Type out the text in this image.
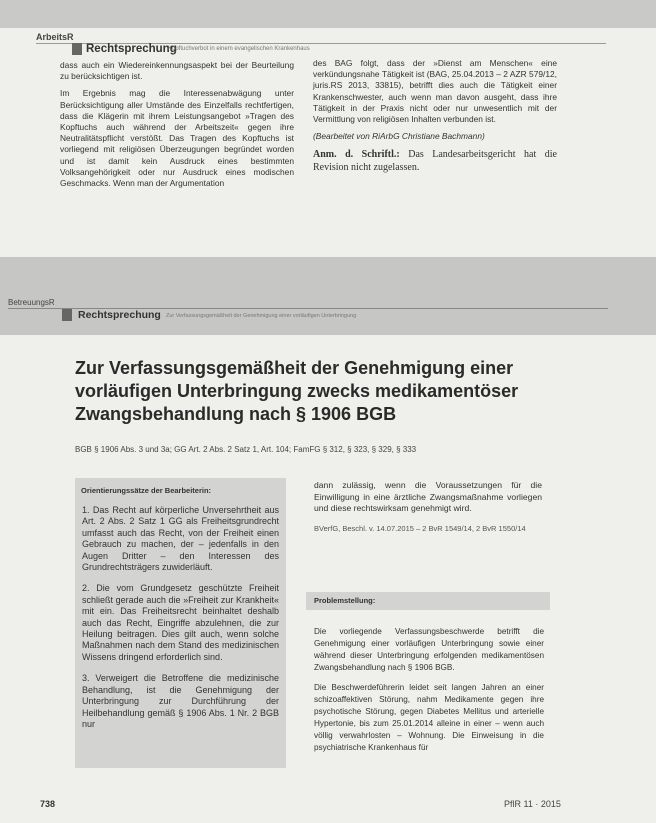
ArbeitsR
Rechtsprechung
Kopftuchverbot in einem evangelischen Krankenhaus

dass auch ein Wiedereinkennungsaspekt bei der Beurteilung zu berücksichtigen ist.

Im Ergebnis mag die Interessenabwägung unter Berücksichtigung aller Umstände des Einzelfalls rechtfertigen, dass die Klägerin mit ihrem Leistungsangebot »Tragen des Kopftuchs auch während der Arbeitszeit« gegen ihre Neutralitätspflicht verstößt. Das Tragen des Kopftuchs ist vorliegend mit religiösen Überzeugungen begründet worden und ist damit kein Ausdruck eines bestimmten Volksangehörigkeit oder nur Ausdruck eines modischen Geschmacks. Wenn man der Argumentation

des BAG folgt, dass der »Dienst am Menschen« eine verkündungsnahe Tätigkeit ist (BAG, 25.04.2013 – 2 AZR 579/12, juris.RS 2013, 33815), betrifft dies auch die Tätigkeit einer Krankenschwester, auch wenn man davon ausgeht, dass ihre Tätigkeit in der Praxis nicht oder nur unwesentlich mit der Vermittlung von religiösen Inhalten verbunden ist.

(Bearbeitet von RiArbG Christiane Bachmann)

Anm. d. Schriftl.: Das Landesarbeitsgericht hat die Revision nicht zugelassen.

BetreuungsR
Rechtsprechung Zur Verfassungsgemäßheit der Genehmigung einer vorläufigen Unterbringung
Zur Verfassungsgemäßheit der Genehmigung einer vorläufigen Unterbringung zwecks medikamentöser Zwangsbehandlung nach § 1906 BGB
BGB § 1906 Abs. 3 und 3a; GG Art. 2 Abs. 2 Satz 1, Art. 104; FamFG § 312, § 323, § 329, § 333
Orientierungssätze der Bearbeiterin:
1. Das Recht auf körperliche Unversehrtheit aus Art. 2 Abs. 2 Satz 1 GG als Freiheitsgrundrecht umfasst auch das Recht, von der Freiheit einen Gebrauch zu machen, der – jedenfalls in den Augen Dritter – den Interessen des Grundrechtsträgers zuwiderläuft.
2. Die vom Grundgesetz geschützte Freiheit schließt gerade auch die »Freiheit zur Krankheit« mit ein. Das Freiheitsrecht beinhaltet deshalb auch das Recht, Eingriffe abzulehnen, die zur Heilung beitragen. Dies gilt auch, wenn solche Maßnahmen nach dem Stand des medizinischen Wissens dringend erforderlich sind.
3. Verweigert die Betroffene die medizinische Behandlung, ist die Genehmigung der Unterbringung zur Durchführung der Heilbehandlung gemäß § 1906 Abs. 1 Nr. 2 BGB nur
dann zulässig, wenn die Voraussetzungen für die Einwilligung in eine ärztliche Zwangsmaßnahme vorliegen und diese rechtswirksam genehmigt wird.
BVerfG, Beschl. v. 14.07.2015 – 2 BvR 1549/14, 2 BvR 1550/14
Problemstellung:

Die vorliegende Verfassungsbeschwerde betrifft die Genehmigung einer vorläufigen Unterbringung sowie einer während dieser Unterbringung erfolgenden medikamentösen Zwangsbehandlung nach § 1906 BGB.

Die Beschwerdeführerin leidet seit langen Jahren an einer schizoaffektiven Störung, nahm Medikamente gegen ihre psychotische Störung, gegen Diabetes Mellitus und arterielle Hypertonie, bis zum 25.01.2014 alleine in einer – wenn auch völlig verwahrlosten – Wohnung. Die Einweisung in die psychiatrische Krankenhaus für

738	PflR 11 · 2015
